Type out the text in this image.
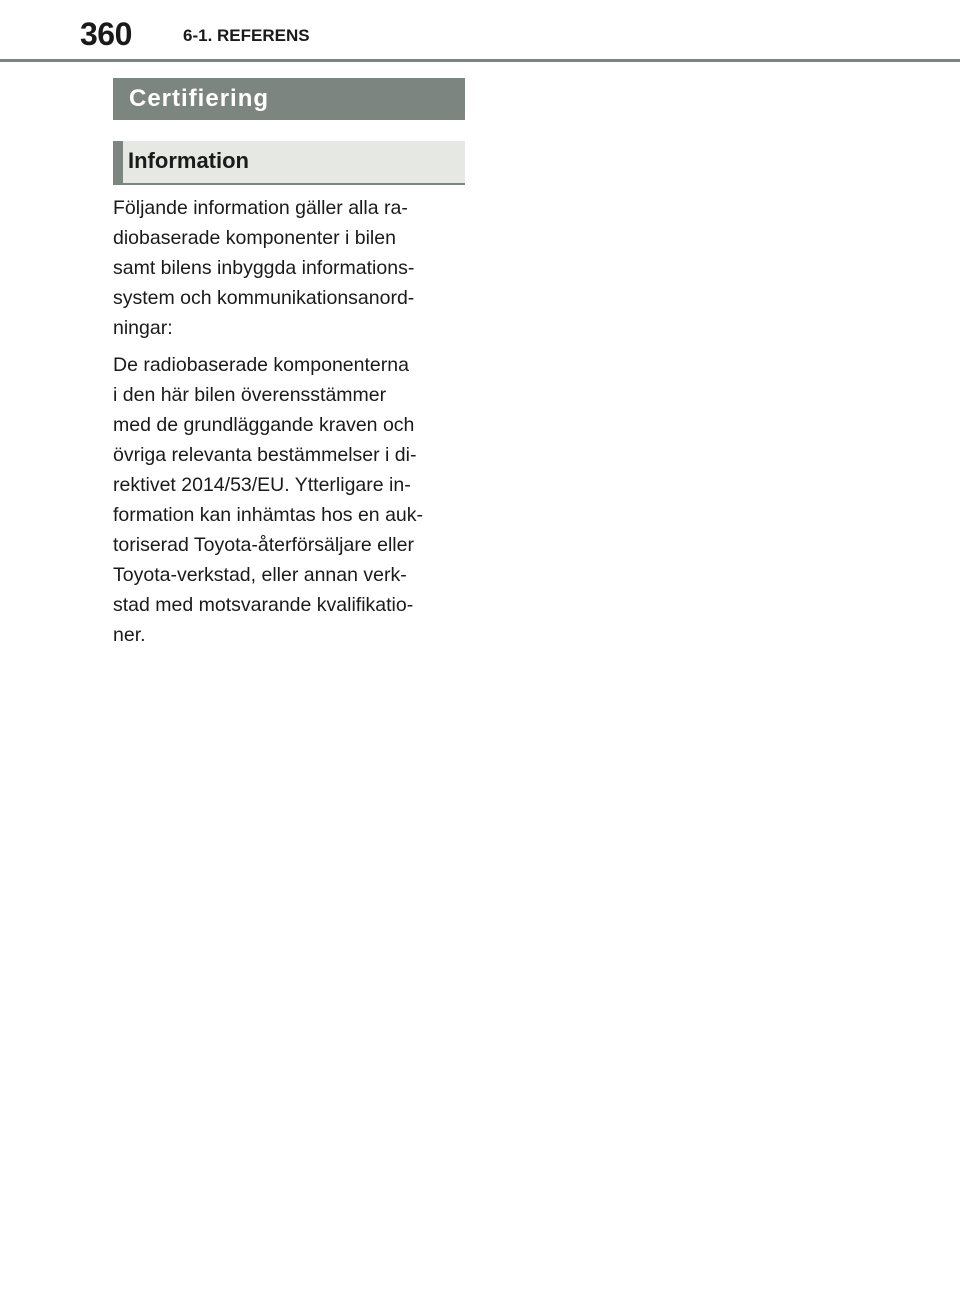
360	6-1. REFERENS
Certifiering
Information

Följande information gäller alla ra-
diobaserade komponenter i bilen
samt bilens inbyggda informations-
system och kommunikationsanord-
ningar:

De radiobaserade komponenterna
i den här bilen överensstämmer
med de grundläggande kraven och
övriga relevanta bestämmelser i di-
rektivet 2014/53/EU. Ytterligare in-
formation kan inhämtas hos en auk-
toriserad Toyota-återförsäljare eller
Toyota-verkstad, eller annan verk-
stad med motsvarande kvalifikatio-
ner.
